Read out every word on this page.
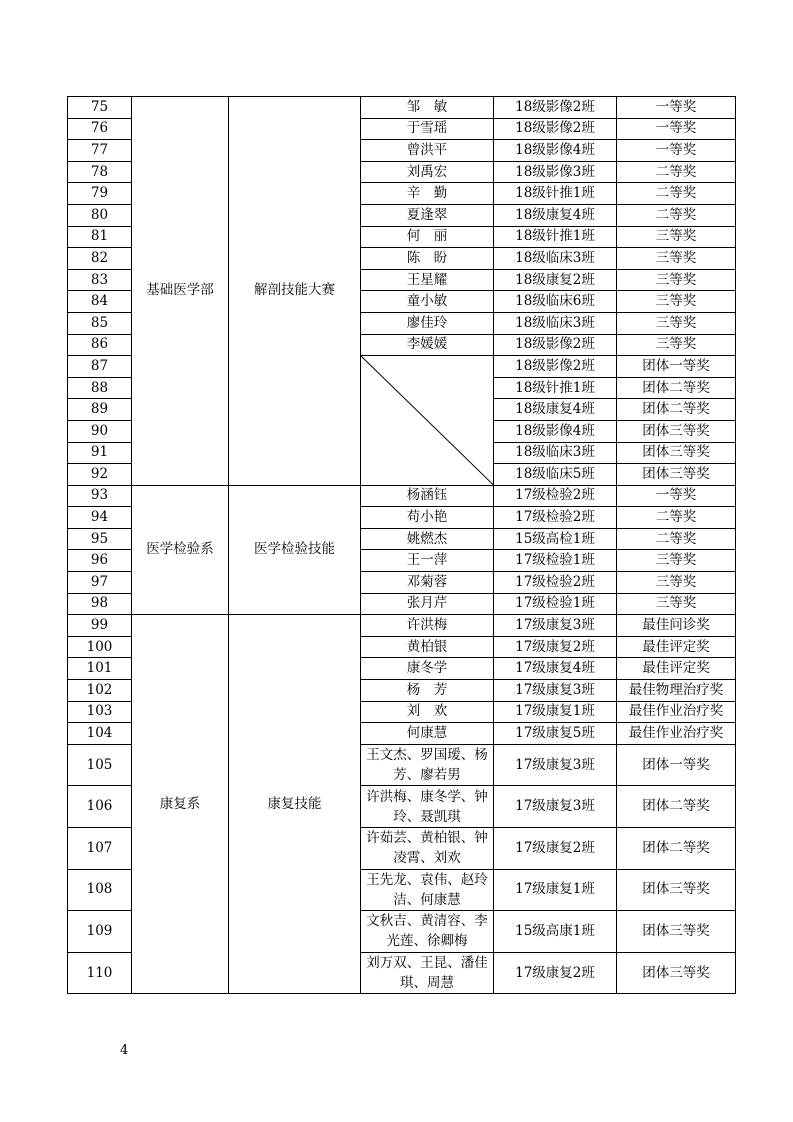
75	基础医学部	解剖技能大赛	邹　敏	18级影像2班	一等奖
76			于雪瑶	18级影像2班	一等奖
77			曾洪平	18级影像4班	一等奖
78			刘禹宏	18级影像3班	二等奖
79			辛　勤	18级针推1班	二等奖
80			夏逢翠	18级康复4班	二等奖
81			何　丽	18级针推1班	三等奖
82			陈　盼	18级临床3班	三等奖
83			王星耀	18级康复2班	三等奖
84			童小敏	18级临床6班	三等奖
85			廖佳玲	18级临床3班	三等奖
86			李媛媛	18级影像2班	三等奖
87				18级影像2班	团体一等奖
88				18级针推1班	团体二等奖
89				18级康复4班	团体二等奖
90				18级影像4班	团体三等奖
91				18级临床3班	团体三等奖
92				18级临床5班	团体三等奖
93	医学检验系	医学检验技能	杨涵钰	17级检验2班	一等奖
94			苟小艳	17级检验2班	二等奖
95			姚燃杰	15级高检1班	二等奖
96			王一萍	17级检验1班	三等奖
97			邓菊蓉	17级检验2班	三等奖
98			张月芹	17级检验1班	三等奖
99	康复系	康复技能	许洪梅	17级康复3班	最佳问诊奖
100			黄柏银	17级康复2班	最佳评定奖
101			康冬学	17级康复4班	最佳评定奖
102			杨　芳	17级康复3班	最佳物理治疗奖
103			刘　欢	17级康复1班	最佳作业治疗奖
104			何康慧	17级康复5班	最佳作业治疗奖
105			王文杰、罗国瑷、杨
芳、廖若男	17级康复3班	团体一等奖
106			许洪梅、康冬学、钟
玲、聂凯琪	17级康复3班	团体二等奖
107			许茹芸、黄柏银、钟
凌霄、刘欢	17级康复2班	团体二等奖
108			王先龙、袁伟、赵玲
洁、何康慧	17级康复1班	团体三等奖
109			文秋吉、黄清容、李
光莲、徐卿梅	15级高康1班	团体三等奖
110			刘万双、王昆、潘佳
琪、周慧	17级康复2班	团体三等奖
4
